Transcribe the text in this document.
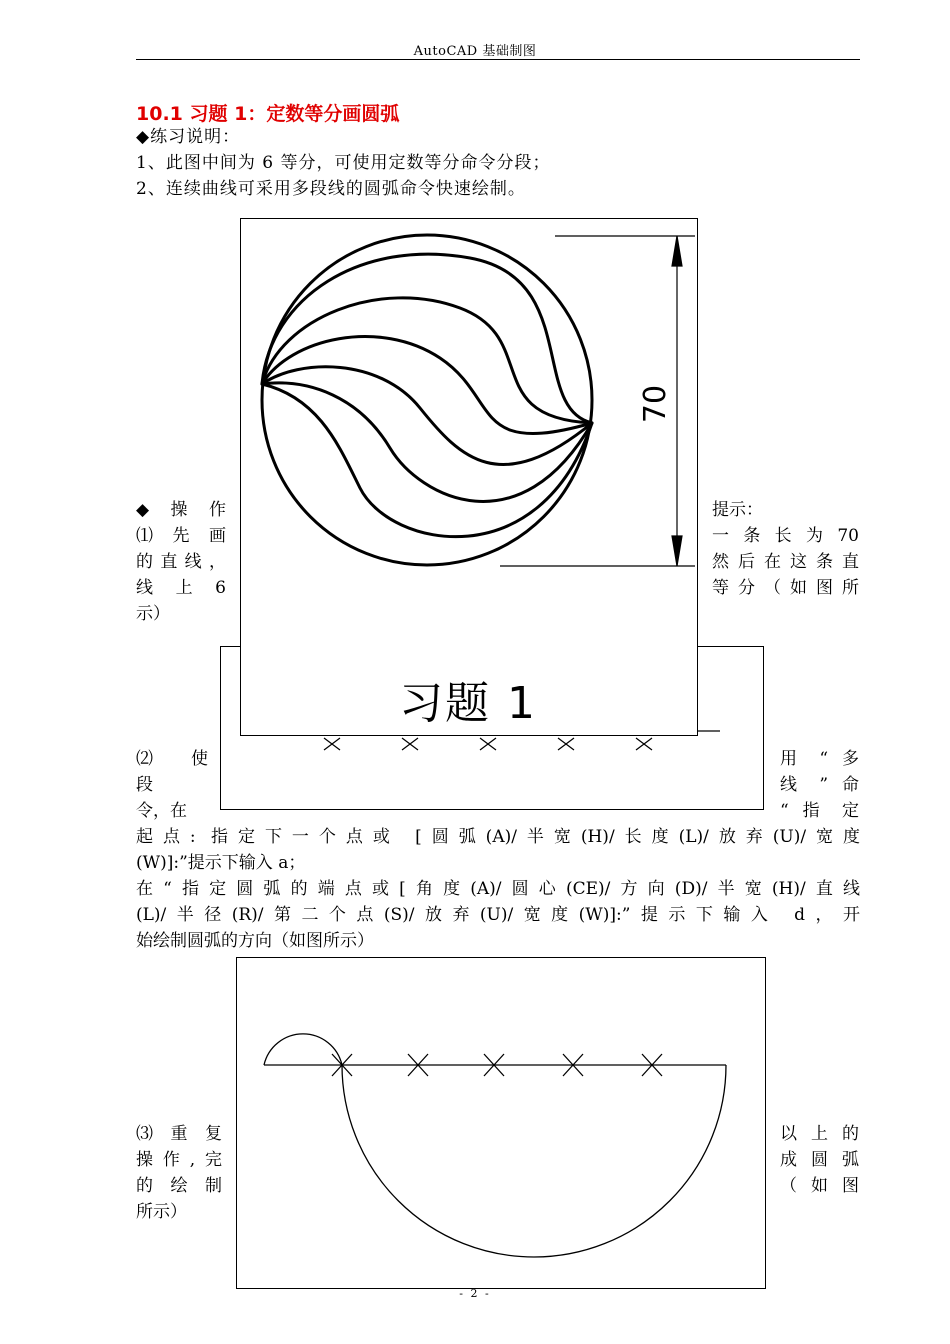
AutoCAD 基础制图
10.1 习题 1：定数等分画圆弧
◆练习说明：
1、此图中间为 6 等分，可使用定数等分命令分段；
2、连续曲线可采用多段线的圆弧命令快速绘制。
70
习题 1
◆ 操 作
⑴ 先 画
的直线，
线 上 6
示）
提示：
一 条 长 为 70
然后在这条直
等分（如图所
⑵ 使
段
令，在
用 “ 多
线 ” 命
“ 指 定
起点: 指定下一个点或 [圆弧(A)/半宽(H)/长度(L)/放弃(U)/宽度
(W)]:”提示下输入 a；
在“指定圆弧的端点或[角度(A)/圆心(CE)/方向(D)/半宽(H)/直线
(L)/半径(R)/第二个点(S)/放弃(U)/宽度(W)]:”提示下输入 d，开
始绘制圆弧的方向（如图所示）
⑶ 重 复
操作,完
的 绘 制
所示）
以 上 的
成 圆 弧
（ 如 图
- 2 -
